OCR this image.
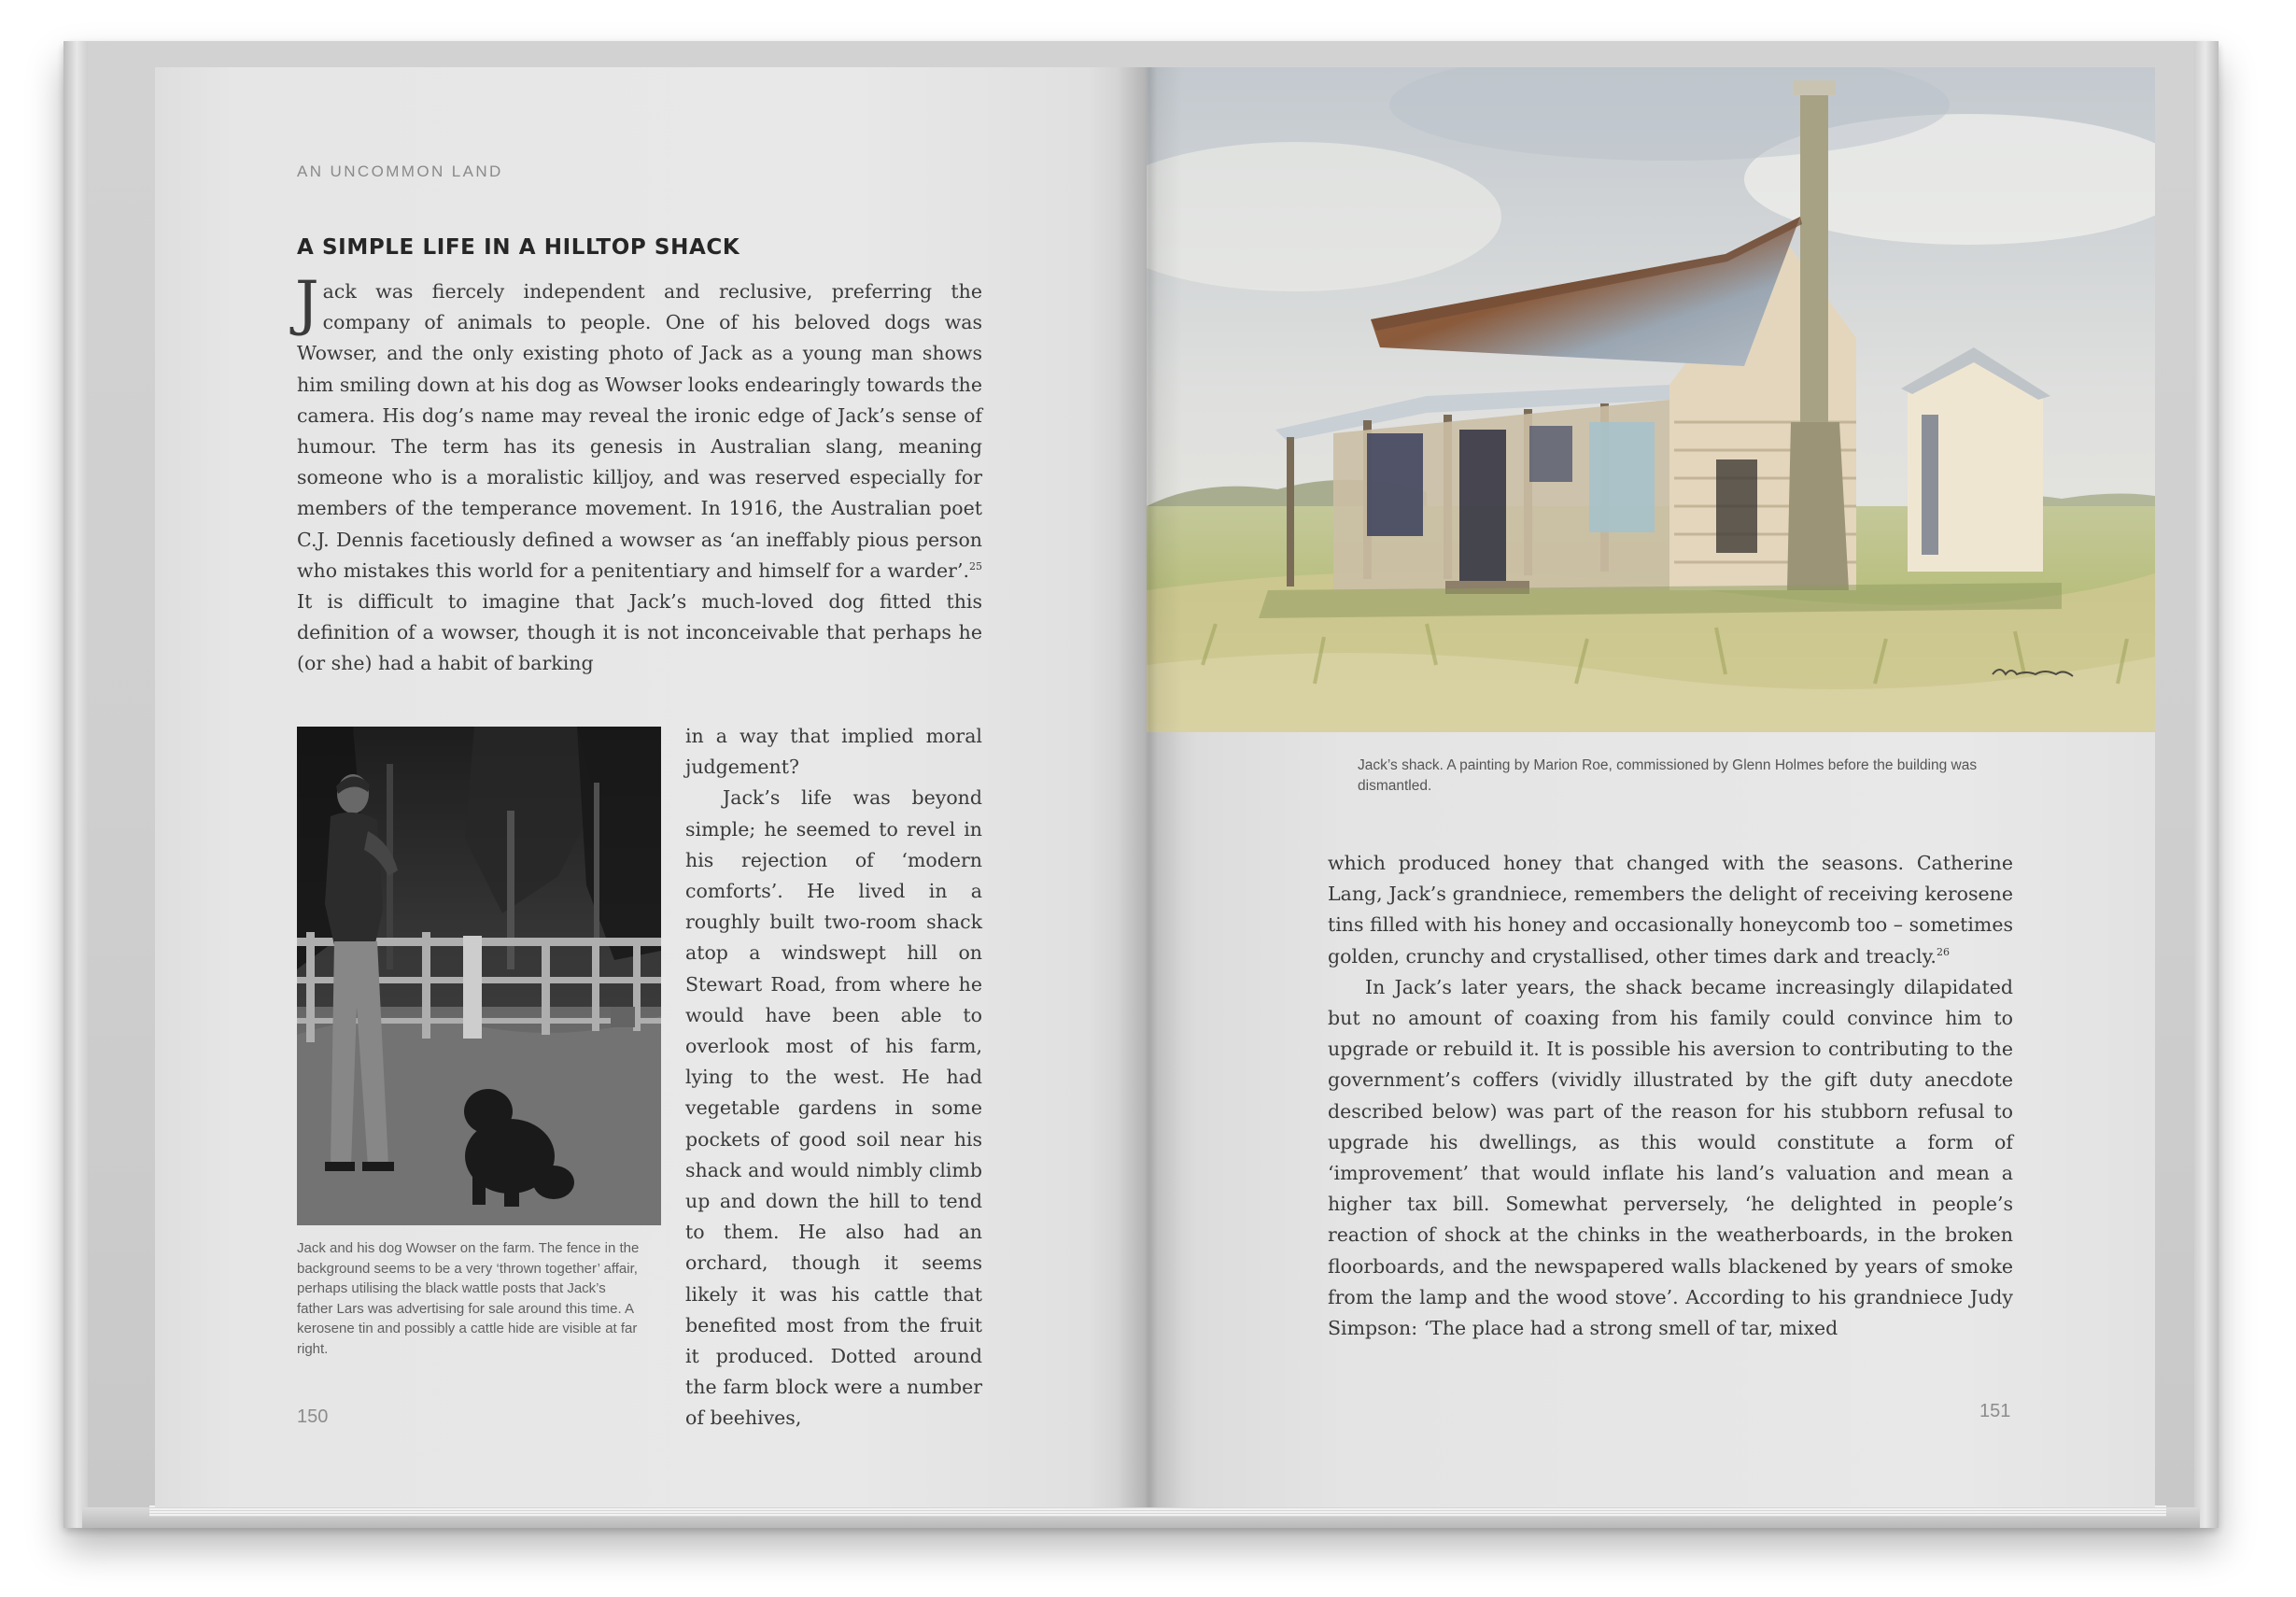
AN UNCOMMON LAND
A SIMPLE LIFE IN A HILLTOP SHACK

Jack was fiercely independent and reclusive, preferring the company of animals to people. One of his beloved dogs was Wowser, and the only existing photo of Jack as a young man shows him smiling down at his dog as Wowser looks endearingly towards the camera. His dog’s name may reveal the ironic edge of Jack’s sense of humour. The term has its genesis in Australian slang, meaning someone who is a moralistic killjoy, and was reserved especially for members of the temperance movement. In 1916, the Australian poet C.J. Dennis facetiously defined a wowser as ‘an ineffably pious person who mistakes this world for a penitentiary and himself for a warder’.$^{25}$ It is difficult to imagine that Jack’s much-loved dog fitted this definition of a wowser, though it is not inconceivable that perhaps he (or she) had a habit of barking

Jack and his dog Wowser on the farm. The fence in the background seems to be a very ‘thrown together’ affair, perhaps utilising the black wattle posts that Jack’s father Lars was advertising for sale around this time. A kerosene tin and possibly a cattle hide are visible at far right.

in a way that implied moral judgement?

Jack’s life was beyond simple; he seemed to revel in his rejection of ‘modern comforts’. He lived in a roughly built two-room shack atop a windswept hill on Stewart Road, from where he would have been able to overlook most of his farm, lying to the west. He had vegetable gardens in some pockets of good soil near his shack and would nimbly climb up and down the hill to tend to them. He also had an orchard, though it seems likely it was his cattle that benefited most from the fruit it produced. Dotted around the farm block were a number of beehives,

150
Jack’s shack. A painting by Marion Roe, commissioned by Glenn Holmes before the building was dismantled.

which produced honey that changed with the seasons. Catherine Lang, Jack’s grandniece, remembers the delight of receiving kerosene tins filled with his honey and occasionally honeycomb too – sometimes golden, crunchy and crystallised, other times dark and treacly.$^{26}$

In Jack’s later years, the shack became increasingly dilapidated but no amount of coaxing from his family could convince him to upgrade or rebuild it. It is possible his aversion to contributing to the government’s coffers (vividly illustrated by the gift duty anecdote described below) was part of the reason for his stubborn refusal to upgrade his dwellings, as this would constitute a form of ‘improvement’ that would inflate his land’s valuation and mean a higher tax bill. Somewhat perversely, ‘he delighted in people’s reaction of shock at the chinks in the weatherboards, in the broken floorboards, and the newspapered walls blackened by years of smoke from the lamp and the wood stove’. According to his grandniece Judy Simpson: ‘The place had a strong smell of tar, mixed

151
